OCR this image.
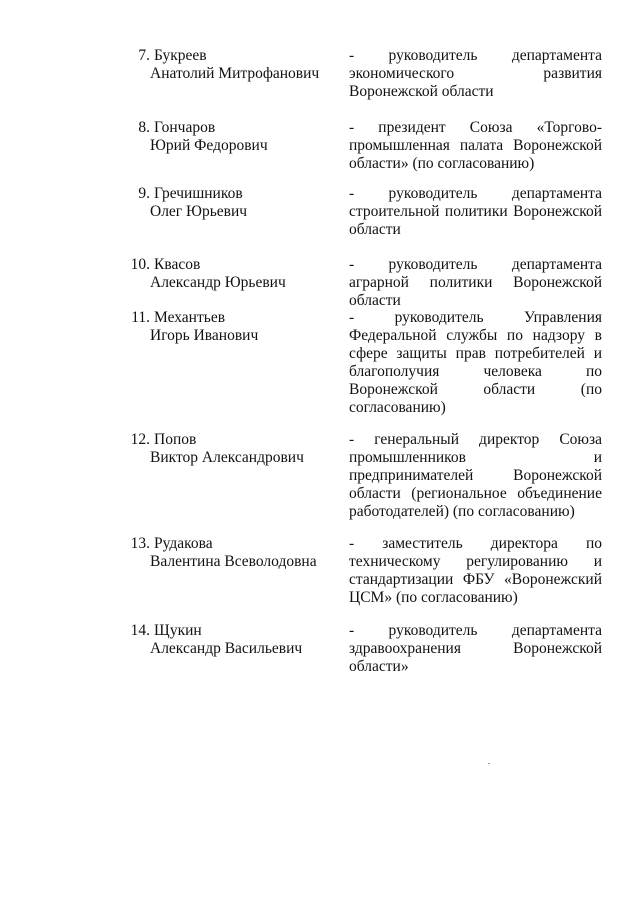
7. Букреев
Анатолий Митрофанович
- руководитель департамента экономического развития Воронежской области
8. Гончаров
Юрий Федорович
- президент Союза «Торгово-промышленная палата Воронежской области» (по согласованию)
9. Гречишников
Олег Юрьевич
- руководитель департамента строительной политики Воронежской области
10. Квасов
Александр Юрьевич
- руководитель департамента аграрной политики Воронежской области
11. Механтьев
Игорь Иванович
- руководитель Управления Федеральной службы по надзору в сфере защиты прав потребителей и благополучия человека по Воронежской области (по согласованию)
12. Попов
Виктор Александрович
- генеральный директор Союза промышленников и предпринимателей Воронежской области (региональное объединение работодателей) (по согласованию)
13. Рудакова
Валентина Всеволодовна
- заместитель директора по техническому регулированию и стандартизации ФБУ «Воронежский ЦСМ» (по согласованию)
14. Щукин
Александр Васильевич
- руководитель департамента здравоохранения Воронежской области»
